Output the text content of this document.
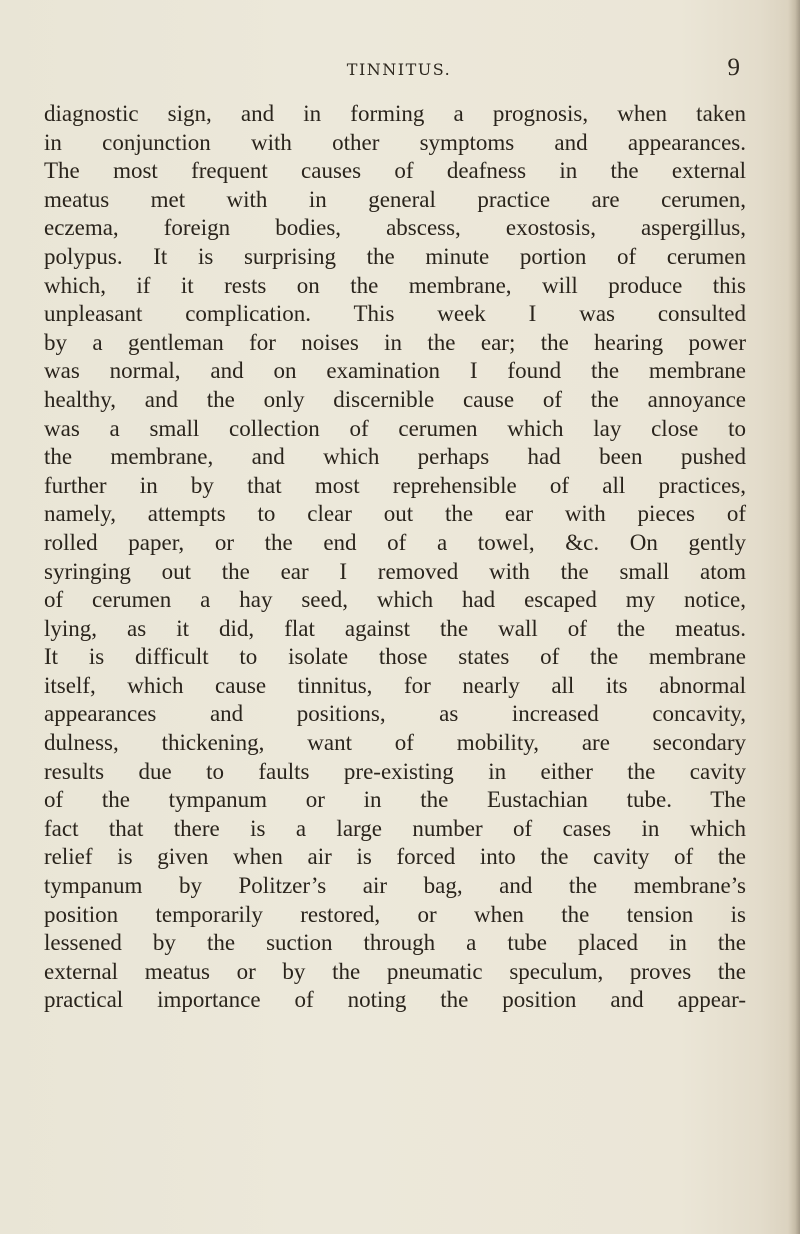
TINNITUS.	9
diagnostic sign, and in forming a prognosis, when taken
in conjunction with other symptoms and appearances.
The most frequent causes of deafness in the external
meatus met with in general practice are cerumen,
eczema, foreign bodies, abscess, exostosis, aspergillus,
polypus. It is surprising the minute portion of cerumen
which, if it rests on the membrane, will produce this
unpleasant complication. This week I was consulted
by a gentleman for noises in the ear; the hearing power
was normal, and on examination I found the membrane
healthy, and the only discernible cause of the annoyance
was a small collection of cerumen which lay close to
the membrane, and which perhaps had been pushed
further in by that most reprehensible of all practices,
namely, attempts to clear out the ear with pieces of
rolled paper, or the end of a towel, &c. On gently
syringing out the ear I removed with the small atom
of cerumen a hay seed, which had escaped my notice,
lying, as it did, flat against the wall of the meatus.
It is difficult to isolate those states of the membrane
itself, which cause tinnitus, for nearly all its abnormal
appearances and positions, as increased concavity,
dulness, thickening, want of mobility, are secondary
results due to faults pre-existing in either the cavity
of the tympanum or in the Eustachian tube. The
fact that there is a large number of cases in which
relief is given when air is forced into the cavity of the
tympanum by Politzer’s air bag, and the membrane’s
position temporarily restored, or when the tension is
lessened by the suction through a tube placed in the
external meatus or by the pneumatic speculum, proves the
practical importance of noting the position and appear-
